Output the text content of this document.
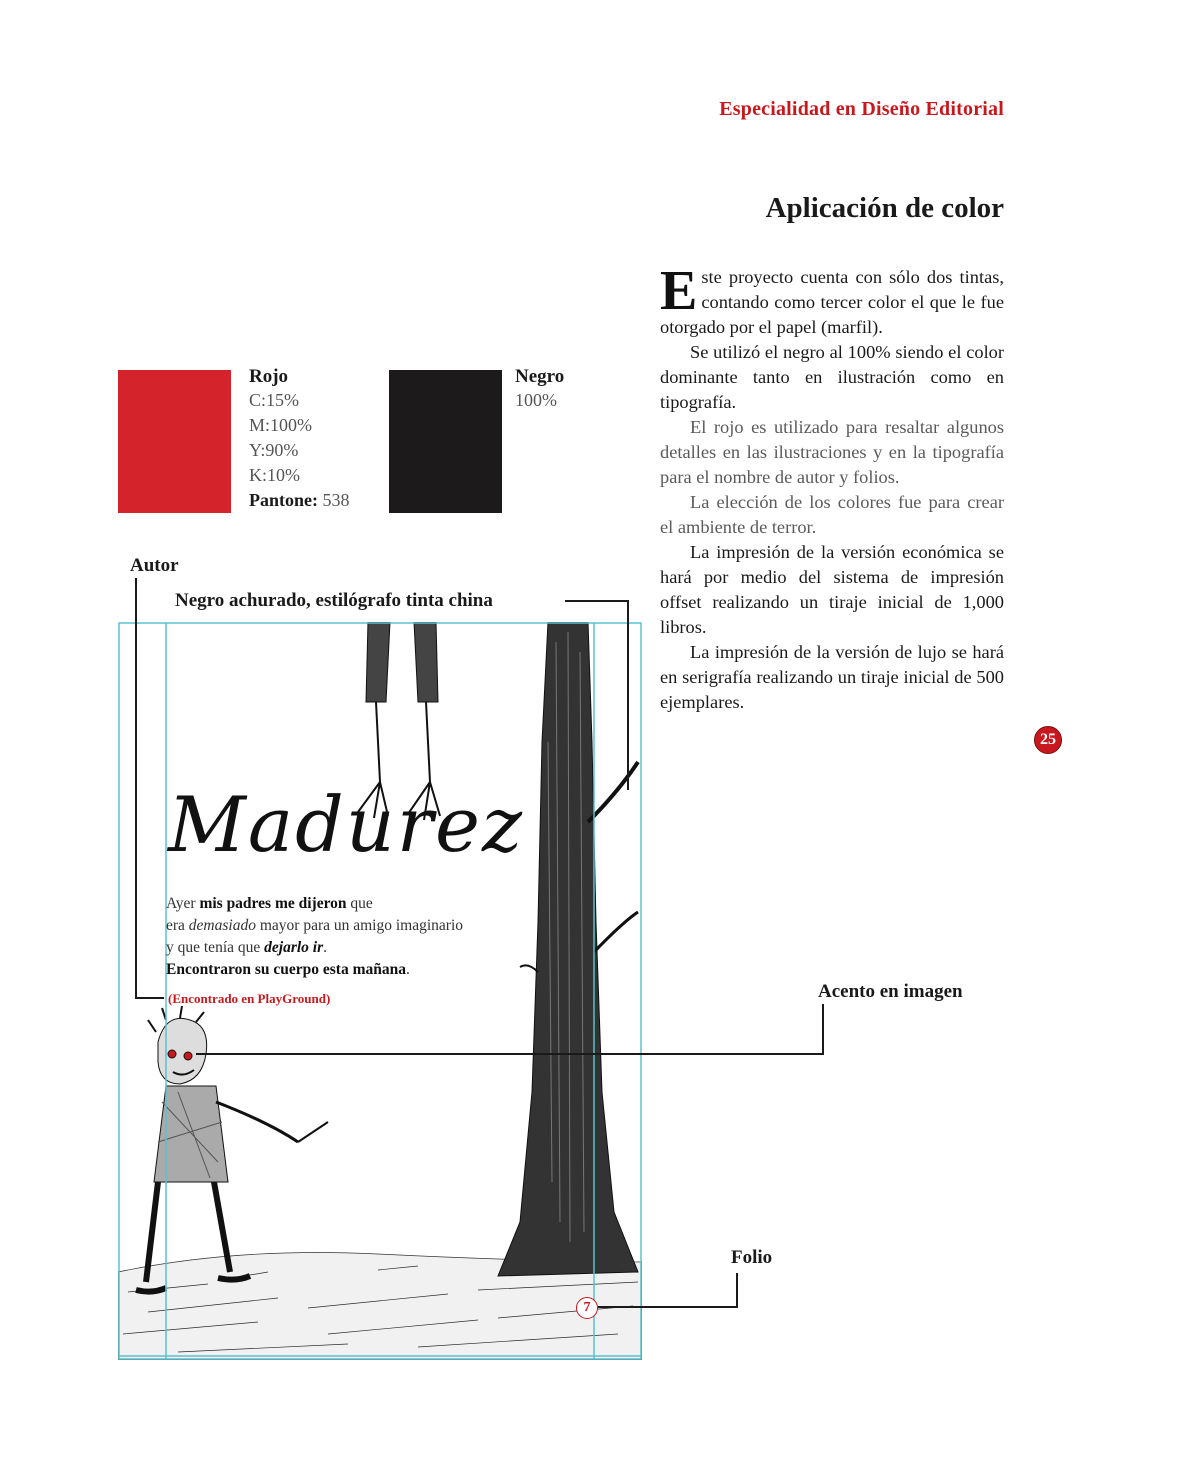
Especialidad en Diseño Editorial
Aplicación de color

Este proyecto cuenta con sólo dos tintas, contando como tercer color el que le fue otorgado por el papel (marfil).

Se utilizó el negro al 100% siendo el color dominante tanto en ilustración como en tipografía.

El rojo es utilizado para resaltar algunos detalles en las ilustraciones y en la tipografía para el nombre de autor y folios.

La elección de los colores fue para crear el ambiente de terror.

La impresión de la versión económica se hará por medio del sistema de impresión offset realizando un tiraje inicial de 1,000 libros.

La impresión de la versión de lujo se hará en serigrafía realizando un tiraje inicial de 500 ejemplares.

25
Rojo
C:15%
M:100%
Y:90%
K:10%
Pantone: 538
Negro
100%
Autor
Negro achurado, estilógrafo tinta china
Acento en imagen
Folio
Madurez
Ayer mis padres me dijeron que
era demasiado mayor para un amigo imaginario
y que tenía que dejarlo ir.
Encontraron su cuerpo esta mañana.
(Encontrado en PlayGround)
7
